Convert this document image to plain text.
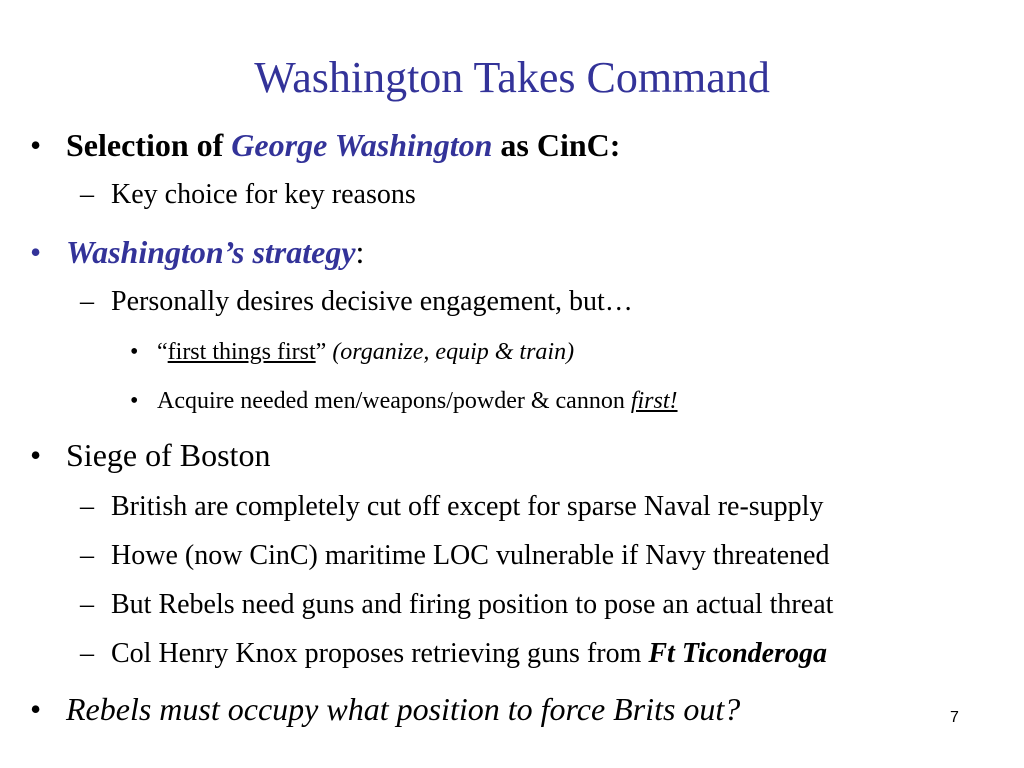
Washington Takes Command
• Selection of George Washington as CinC:
– Key choice for key reasons
• Washington’s strategy:
– Personally desires decisive engagement, but…
• “first things first” (organize, equip & train)
• Acquire needed men/weapons/powder & cannon first!
• Siege of Boston
– British are completely cut off except for sparse Naval re-supply
– Howe (now CinC) maritime LOC vulnerable if Navy threatened
– But Rebels need guns and firing position to pose an actual threat
– Col Henry Knox proposes retrieving guns from Ft Ticonderoga
• Rebels must occupy what position to force Brits out?	7
